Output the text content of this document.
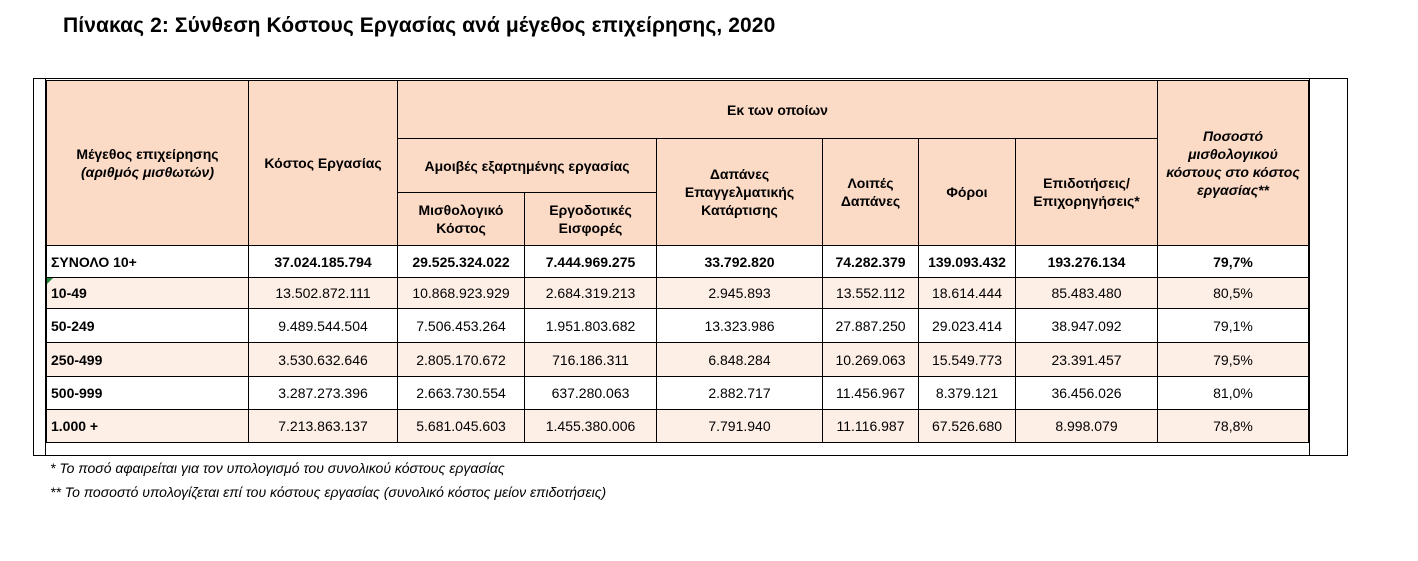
Πίνακας 2: Σύνθεση Κόστους Εργασίας ανά μέγεθος επιχείρησης, 2020
Μέγεθος επιχείρησης
(αριθμός μισθωτών)	Κόστος Εργασίας	Εκ των οποίων						Ποσοστό μισθολογικού κόστους στο κόστος εργασίας**
		Αμοιβές εξαρτημένης εργασίας		Δαπάνες Επαγγελματικής Κατάρτισης	Λοιπές Δαπάνες	Φόροι	Επιδοτήσεις/ Επιχορηγήσεις*	
		Μισθολογικό Κόστος	Εργοδοτικές Εισφορές					
ΣΥΝΟΛΟ 10+	37.024.185.794	29.525.324.022	7.444.969.275	33.792.820	74.282.379	139.093.432	193.276.134	79,7%
10-49	13.502.872.111	10.868.923.929	2.684.319.213	2.945.893	13.552.112	18.614.444	85.483.480	80,5%
50-249	9.489.544.504	7.506.453.264	1.951.803.682	13.323.986	27.887.250	29.023.414	38.947.092	79,1%
250-499	3.530.632.646	2.805.170.672	716.186.311	6.848.284	10.269.063	15.549.773	23.391.457	79,5%
500-999	3.287.273.396	2.663.730.554	637.280.063	2.882.717	11.456.967	8.379.121	36.456.026	81,0%
1.000 +	7.213.863.137	5.681.045.603	1.455.380.006	7.791.940	11.116.987	67.526.680	8.998.079	78,8%
* Το ποσό αφαιρείται για τον υπολογισμό του συνολικού κόστους εργασίας
** Το ποσοστό υπολογίζεται επί του κόστους εργασίας (συνολικό κόστος μείον επιδοτήσεις)
